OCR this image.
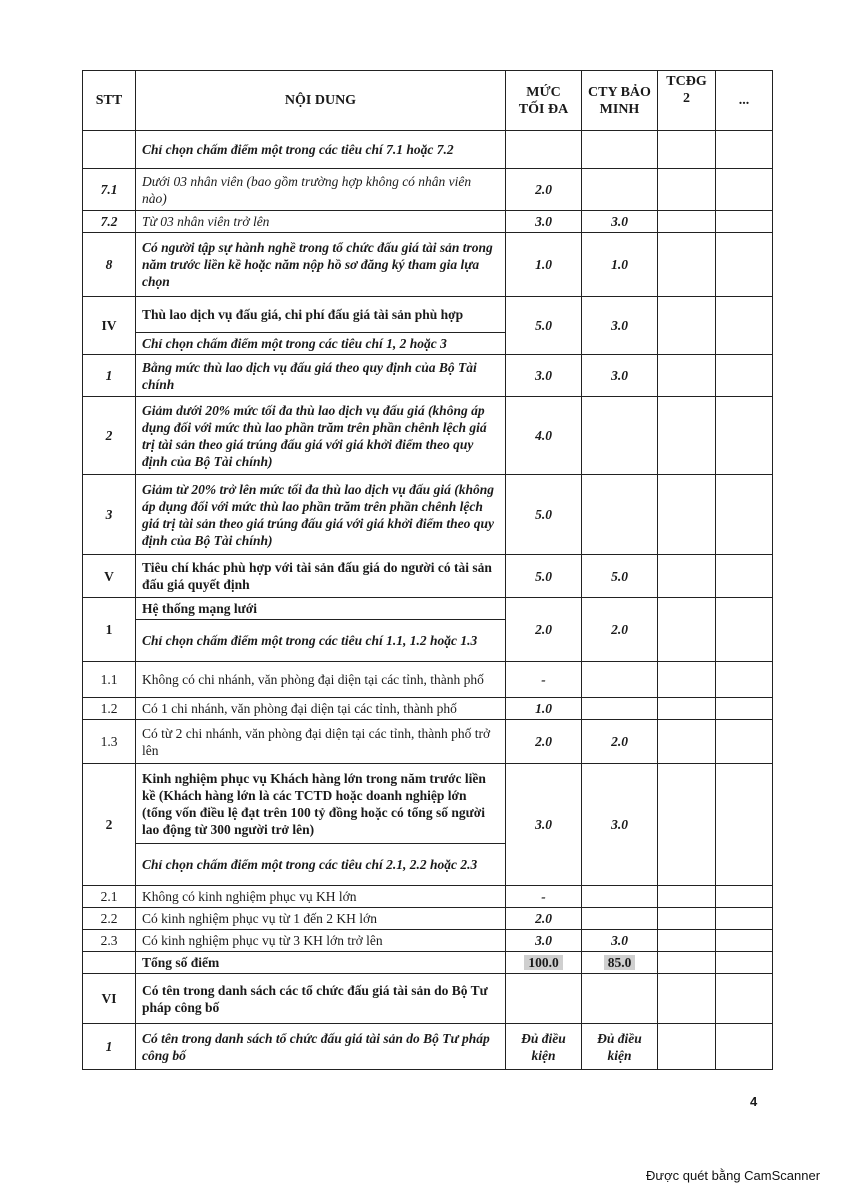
STT	NỘI DUNG	MỨC TỐI ĐA	CTY BẢO MINH	TCĐG 2	...
	Chỉ chọn chấm điểm một trong các tiêu chí 7.1 hoặc 7.2				
7.1	Dưới 03 nhân viên (bao gồm trường hợp không có nhân viên nào)	2.0			
7.2	Từ 03 nhân viên trở lên	3.0	3.0		
8	Có người tập sự hành nghề trong tổ chức đấu giá tài sản trong năm trước liền kề hoặc năm nộp hồ sơ đăng ký tham gia lựa chọn	1.0	1.0		
IV	Thù lao dịch vụ đấu giá, chi phí đấu giá tài sản phù hợp	5.0	3.0		
	Chỉ chọn chấm điểm một trong các tiêu chí 1, 2 hoặc 3				
1	Bằng mức thù lao dịch vụ đấu giá theo quy định của Bộ Tài chính	3.0	3.0		
2	Giảm dưới 20% mức tối đa thù lao dịch vụ đấu giá (không áp dụng đối với mức thù lao phần trăm trên phần chênh lệch giá trị tài sản theo giá trúng đấu giá với giá khởi điểm theo quy định của Bộ Tài chính)	4.0			
3	Giảm từ 20% trở lên mức tối đa thù lao dịch vụ đấu giá (không áp dụng đối với mức thù lao phần trăm trên phần chênh lệch giá trị tài sản theo giá trúng đấu giá với giá khởi điểm theo quy định của Bộ Tài chính)	5.0			
V	Tiêu chí khác phù hợp với tài sản đấu giá do người có tài sản đấu giá quyết định	5.0	5.0		
1	Hệ thống mạng lưới	2.0	2.0		
	Chỉ chọn chấm điểm một trong các tiêu chí 1.1, 1.2 hoặc 1.3				
1.1	Không có chi nhánh, văn phòng đại diện tại các tỉnh, thành phố	-			
1.2	Có 1 chi nhánh, văn phòng đại diện tại các tỉnh, thành phố	1.0			
1.3	Có từ 2 chi nhánh, văn phòng đại diện tại các tỉnh, thành phố trở lên	2.0	2.0		
2	Kinh nghiệm phục vụ Khách hàng lớn trong năm trước liền kề (Khách hàng lớn là các TCTD hoặc doanh nghiệp lớn (tổng vốn điều lệ đạt trên 100 tỷ đồng hoặc có tổng số người lao động từ 300 người trở lên)	3.0	3.0		
	Chỉ chọn chấm điểm một trong các tiêu chí 2.1, 2.2 hoặc 2.3				
2.1	Không có kinh nghiệm phục vụ KH lớn	-			
2.2	Có kinh nghiệm phục vụ từ 1 đến 2 KH lớn	2.0			
2.3	Có kinh nghiệm phục vụ từ 3 KH lớn trở lên	3.0	3.0		
	Tổng số điểm	100.0	85.0		
VI	Có tên trong danh sách các tổ chức đấu giá tài sản do Bộ Tư pháp công bố				
1	Có tên trong danh sách tổ chức đấu giá tài sản do Bộ Tư pháp công bố	Đủ điều kiện	Đủ điều kiện		
4
Được quét bằng CamScanner
